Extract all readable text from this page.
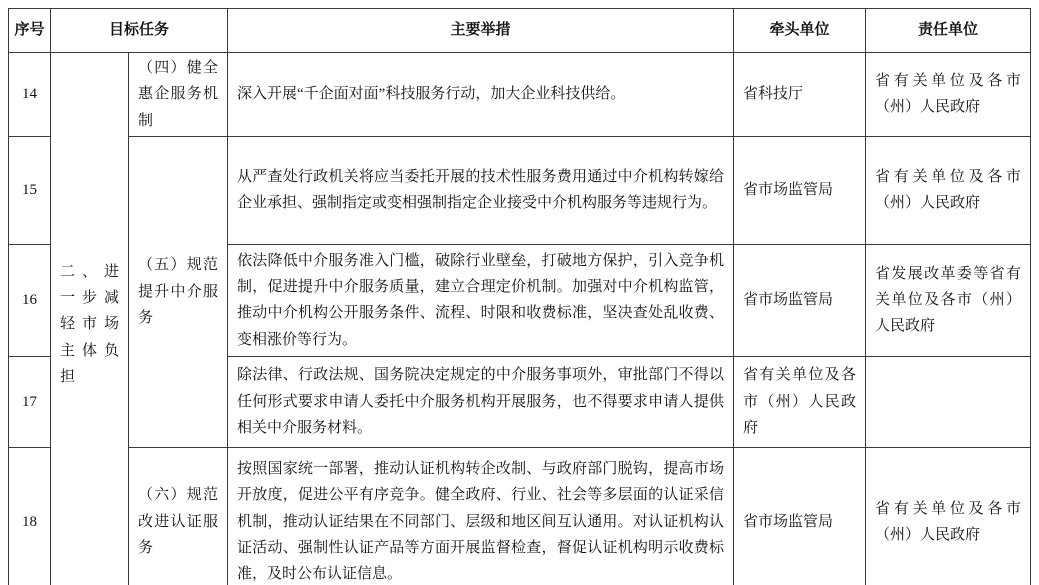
序号	目标任务		主要举措	牵头单位	责任单位
14	二、进一步减轻市场主体负担	（四）健全惠企服务机制	深入开展“千企面对面”科技服务行动，加大企业科技供给。	省科技厅	省有关单位及各市（州）人民政府
15		（五）规范提升中介服务	从严查处行政机关将应当委托开展的技术性服务费用通过中介机构转嫁给企业承担、强制指定或变相强制指定企业接受中介机构服务等违规行为。	省市场监管局	省有关单位及各市（州）人民政府
16			依法降低中介服务准入门槛，破除行业壁垒，打破地方保护，引入竞争机制，促进提升中介服务质量，建立合理定价机制。加强对中介机构监管，推动中介机构公开服务条件、流程、时限和收费标准，坚决查处乱收费、变相涨价等行为。	省市场监管局	省发展改革委等省有关单位及各市（州）人民政府
17			除法律、行政法规、国务院决定规定的中介服务事项外，审批部门不得以任何形式要求申请人委托中介服务机构开展服务，也不得要求申请人提供相关中介服务材料。	省有关单位及各市（州）人民政府	
18		（六）规范改进认证服务	按照国家统一部署，推动认证机构转企改制、与政府部门脱钩，提高市场开放度，促进公平有序竞争。健全政府、行业、社会等多层面的认证采信机制，推动认证结果在不同部门、层级和地区间互认通用。对认证机构认证活动、强制性认证产品等方面开展监督检查，督促认证机构明示收费标准，及时公布认证信息。	省市场监管局	省有关单位及各市（州）人民政府
